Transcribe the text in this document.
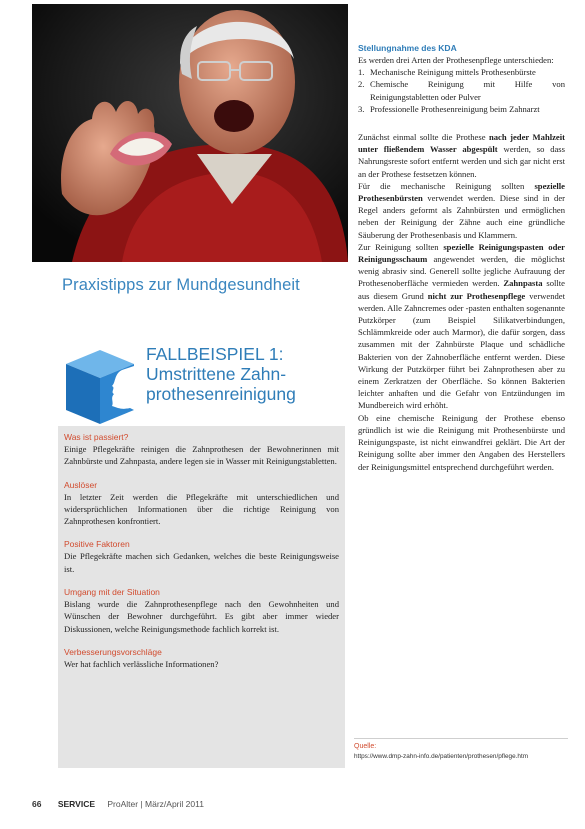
Praxistipps zur Mundgesundheit
FALLBEISPIEL 1:
Umstrittene Zahn-
prothesenreinigung
Was ist passiert?
Einige Pflegekräfte reinigen die Zahnprothesen der Bewohnerinnen mit Zahnbürste und Zahnpasta, andere legen sie in Wasser mit Reinigungstabletten.
Auslöser
In letzter Zeit werden die Pflegekräfte mit unterschiedlichen und widersprüchlichen Informationen über die richtige Reinigung von Zahnprothesen konfrontiert.
Positive Faktoren
Die Pflegekräfte machen sich Gedanken, welches die beste Reinigungsweise ist.
Umgang mit der Situation
Bislang wurde die Zahnprothesenpflege nach den Gewohnheiten und Wünschen der Bewohner durchgeführt. Es gibt aber immer wieder Diskussionen, welche Reinigungsmethode fachlich korrekt ist.
Verbesserungsvorschläge
Wer hat fachlich verlässliche Informationen?
Stellungnahme des KDA
Es werden drei Arten der Prothesenpflege unterschieden:
1. Mechanische Reinigung mittels Prothesenbürste
2. Chemische Reinigung mit Hilfe von Reinigungstabletten oder Pulver
3. Professionelle Prothesenreinigung beim Zahnarzt

Zunächst einmal sollte die Prothese nach jeder Mahlzeit unter fließendem Wasser abgespült werden, so dass Nahrungsreste sofort entfernt werden und sich gar nicht erst an der Prothese festsetzen können.

Für die mechanische Reinigung sollten spezielle Prothesenbürsten verwendet werden. Diese sind in der Regel anders geformt als Zahnbürsten und ermöglichen neben der Reinigung der Zähne auch eine gründliche Säuberung der Prothesenbasis und Klammern.

Zur Reinigung sollten spezielle Reinigungspasten oder Reinigungsschaum angewendet werden, die möglichst wenig abrasiv sind. Generell sollte jegliche Aufrauung der Prothesenoberfläche vermieden werden. Zahnpasta sollte aus diesem Grund nicht zur Prothesenpflege verwendet werden. Alle Zahncremes oder -pasten enthalten sogenannte Putzkörper (zum Beispiel Silikatverbindungen, Schlämmkreide oder auch Marmor), die dafür sorgen, dass zusammen mit der Zahnbürste Plaque und schädliche Bakterien von der Zahnoberfläche entfernt werden. Diese Wirkung der Putzkörper führt bei Zahnprothesen aber zu einem Zerkratzen der Oberfläche. So können Bakterien leichter anhaften und die Gefahr von Entzündungen im Mundbereich wird erhöht.

Ob eine chemische Reinigung der Prothese ebenso gründlich ist wie die Reinigung mit Prothesenbürste und Reinigungspaste, ist nicht einwandfrei geklärt. Die Art der Reinigung sollte aber immer den Angaben des Herstellers der Reinigungsmittel entsprechend durchgeführt werden.

Quelle:
https://www.dmp-zahn-info.de/patienten/prothesen/pflege.htm
66 SERVICE ProAlter | März/April 2011
